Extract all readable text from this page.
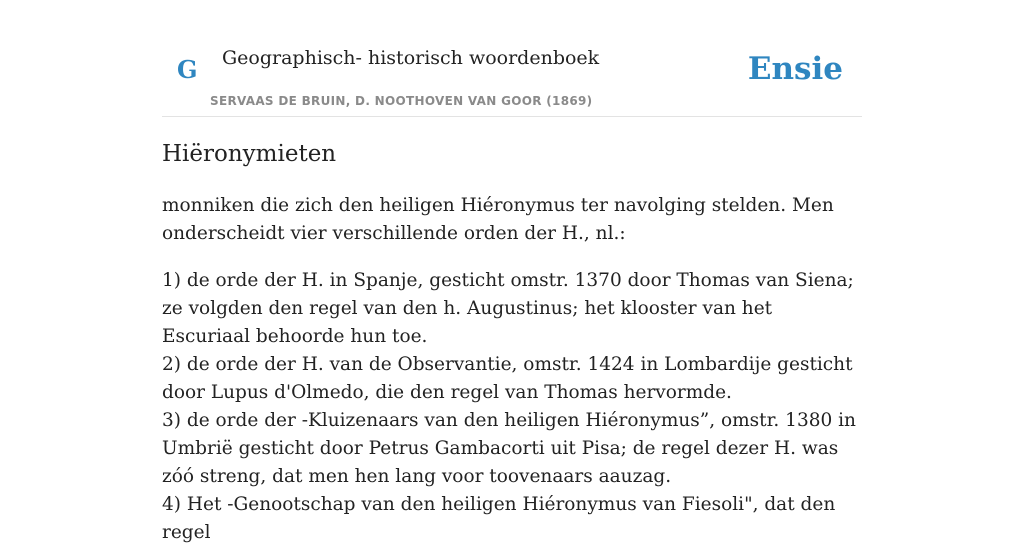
G Geographisch- historisch woordenboek
SERVAAS DE BRUIN, D. NOOTHOVEN VAN GOOR (1869)
Ensie
Hiëronymieten

monniken die zich den heiligen Hiéronymus ter navolging stelden. Men onderscheidt vier verschillende orden der H., nl.:

1) de orde der H. in Spanje, gesticht omstr. 1370 door Thomas van Siena; ze volgden den regel van den h. Augustinus; het klooster van het Escuriaal behoorde hun toe.

2) de orde der H. van de Observantie, omstr. 1424 in Lombardije gesticht door Lupus d'Olmedo, die den regel van Thomas hervormde.

3) de orde der -Kluizenaars van den heiligen Hiéronymus”, omstr. 1380 in Umbrië gesticht door Petrus Gambacorti uit Pisa; de regel dezer H. was zóó streng, dat men hen lang voor toovenaars aauzag.

4) Het -Genootschap van den heiligen Hiéronymus van Fiesoli", dat den regel
